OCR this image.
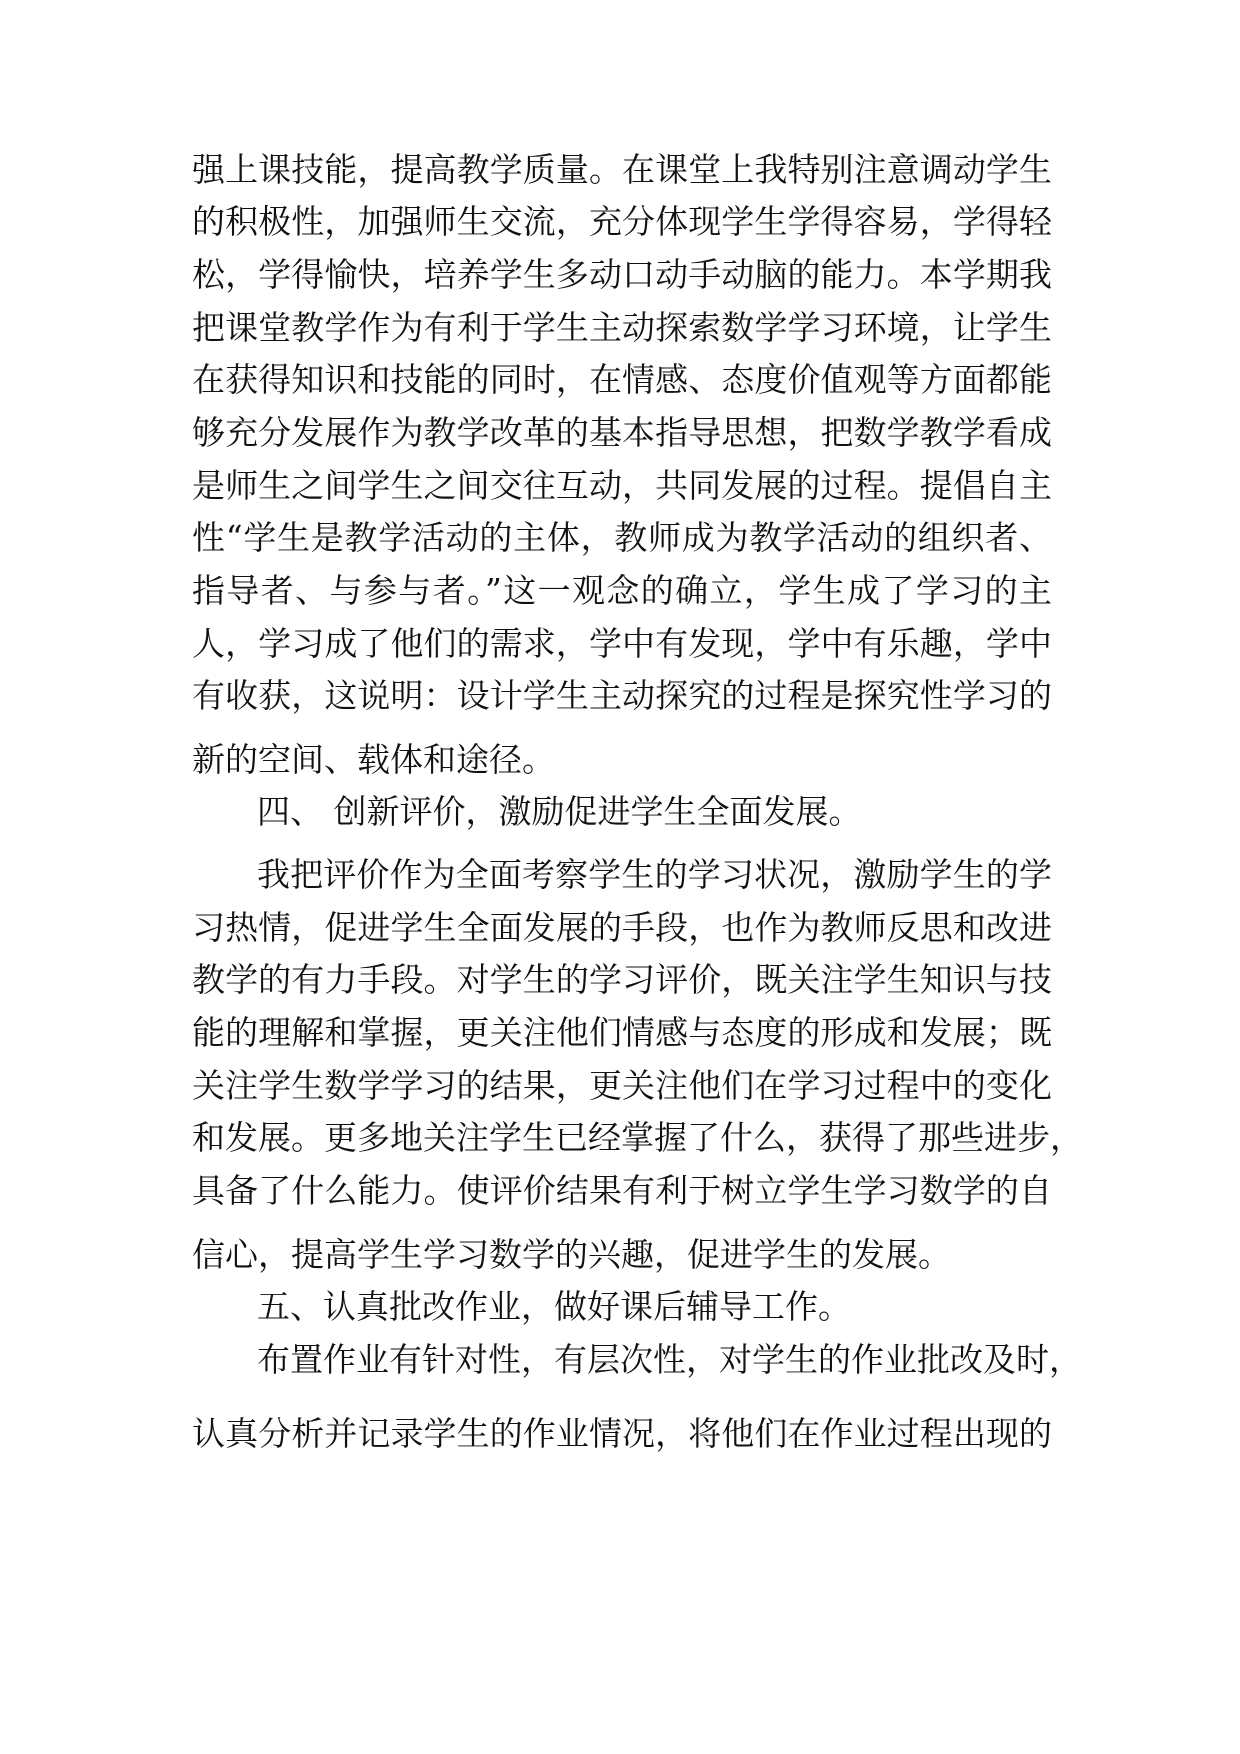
强上课技能，提高教学质量。在课堂上我特别注意调动学生

的积极性，加强师生交流，充分体现学生学得容易，学得轻

松，学得愉快，培养学生多动口动手动脑的能力。本学期我

把课堂教学作为有利于学生主动探索数学学习环境，让学生

在获得知识和技能的同时，在情感、态度价值观等方面都能

够充分发展作为教学改革的基本指导思想，把数学教学看成

是师生之间学生之间交往互动，共同发展的过程。提倡自主

性“学生是教学活动的主体，教师成为教学活动的组织者、

指导者、与参与者。”这一观念的确立，学生成了学习的主

人，学习成了他们的需求，学中有发现，学中有乐趣，学中

有收获，这说明：设计学生主动探究的过程是探究性学习的

新的空间、载体和途径。

四、 创新评价，激励促进学生全面发展。

我把评价作为全面考察学生的学习状况，激励学生的学

习热情，促进学生全面发展的手段，也作为教师反思和改进

教学的有力手段。对学生的学习评价，既关注学生知识与技

能的理解和掌握，更关注他们情感与态度的形成和发展；既

关注学生数学学习的结果，更关注他们在学习过程中的变化

和发展。更多地关注学生已经掌握了什么，获得了那些进步，

具备了什么能力。使评价结果有利于树立学生学习数学的自

信心，提高学生学习数学的兴趣，促进学生的发展。

五、认真批改作业，做好课后辅导工作。

布置作业有针对性，有层次性，对学生的作业批改及时，

认真分析并记录学生的作业情况，将他们在作业过程出现的
